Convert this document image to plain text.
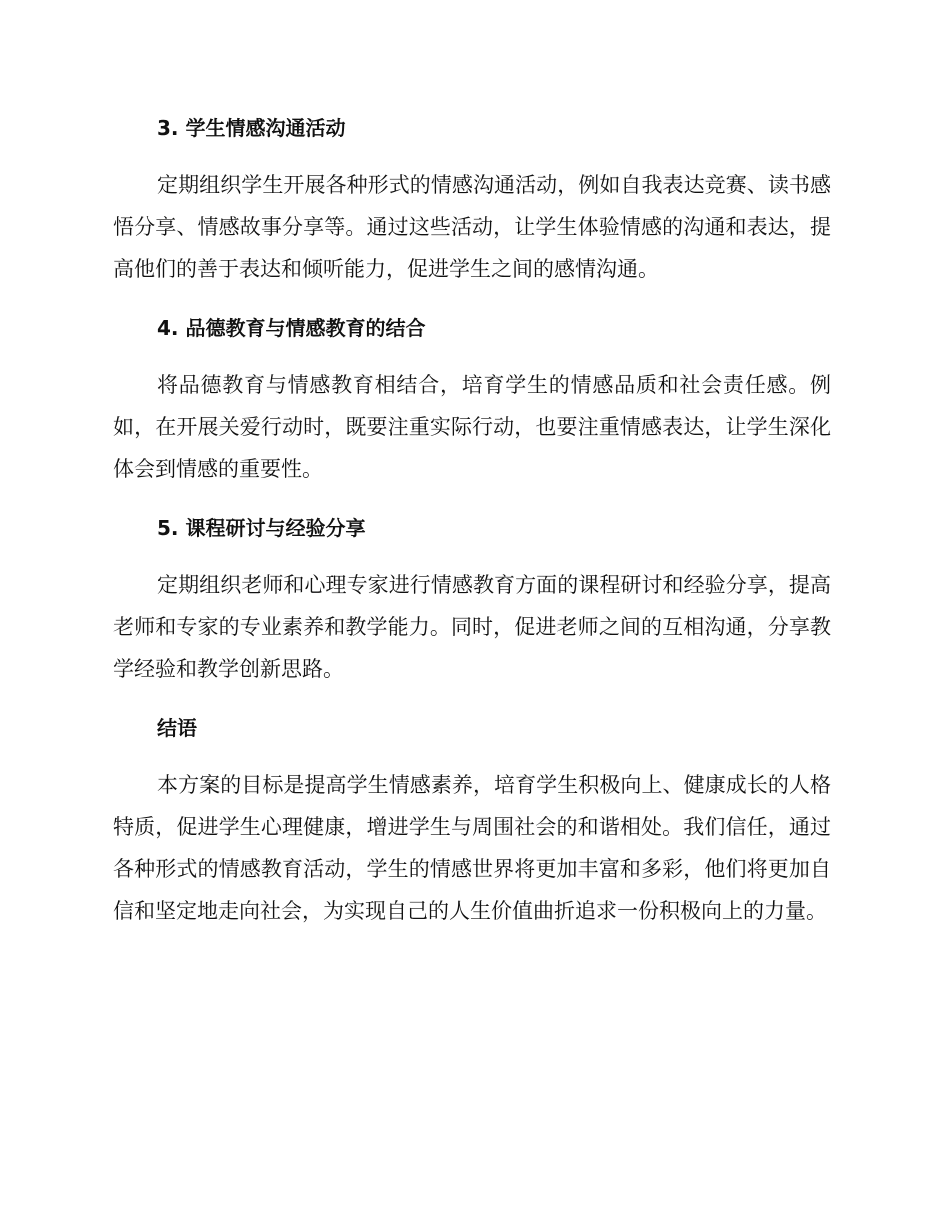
3. 学生情感沟通活动

定期组织学生开展各种形式的情感沟通活动，例如自我表达竞赛、读书感悟分享、情感故事分享等。通过这些活动，让学生体验情感的沟通和表达，提高他们的善于表达和倾听能力，促进学生之间的感情沟通。

4. 品德教育与情感教育的结合

将品德教育与情感教育相结合，培育学生的情感品质和社会责任感。例如，在开展关爱行动时，既要注重实际行动，也要注重情感表达，让学生深化体会到情感的重要性。

5. 课程研讨与经验分享

定期组织老师和心理专家进行情感教育方面的课程研讨和经验分享，提高老师和专家的专业素养和教学能力。同时，促进老师之间的互相沟通，分享教学经验和教学创新思路。

结语

本方案的目标是提高学生情感素养，培育学生积极向上、健康成长的人格特质，促进学生心理健康，增进学生与周围社会的和谐相处。我们信任，通过各种形式的情感教育活动，学生的情感世界将更加丰富和多彩，他们将更加自信和坚定地走向社会，为实现自己的人生价值曲折追求一份积极向上的力量。
